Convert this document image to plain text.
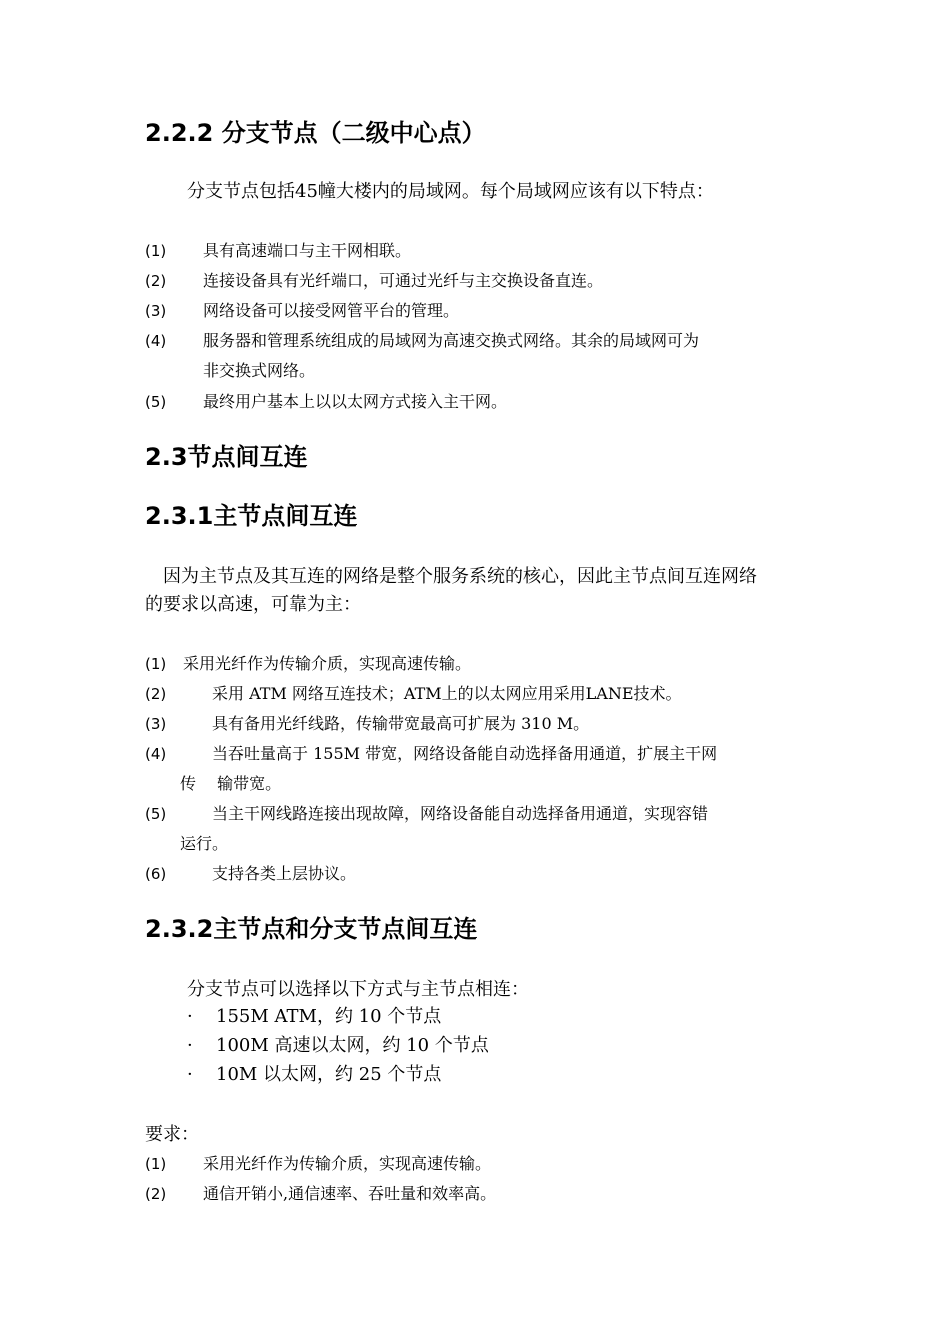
2.2.2 分支节点（二级中心点）

分支节点包括45幢大楼内的局域网。每个局域网应该有以下特点：

(1) 具有高速端口与主干网相联。
(2) 连接设备具有光纤端口，可通过光纤与主交换设备直连。
(3) 网络设备可以接受网管平台的管理。
(4) 服务器和管理系统组成的局域网为高速交换式网络。其余的局域网可为
非交换式网络。
(5) 最终用户基本上以以太网方式接入主干网。
2.3节点间互连
2.3.1主节点间互连

因为主节点及其互连的网络是整个服务系统的核心，因此主节点间互连网络

的要求以高速，可靠为主：

(1) 采用光纤作为传输介质，实现高速传输。
(2)	采用 ATM 网络互连技术；ATM上的以太网应用采用LANE技术。
(3)	具有备用光纤线路，传输带宽最高可扩展为 310 M。
(4)	当吞吐量高于 155M 带宽，网络设备能自动选择备用通道，扩展主干网
传　 输带宽。
(5)	当主干网线路连接出现故障，网络设备能自动选择备用通道，实现容错
运行。
(6)	支持各类上层协议。
2.3.2主节点和分支节点间互连

分支节点可以选择以下方式与主节点相连：

· 155M ATM，约 10 个节点
· 100M 高速以太网，约 10 个节点
· 10M 以太网，约 25 个节点

要求：

(1) 采用光纤作为传输介质，实现高速传输。
(2) 通信开销小,通信速率、吞吐量和效率高。
